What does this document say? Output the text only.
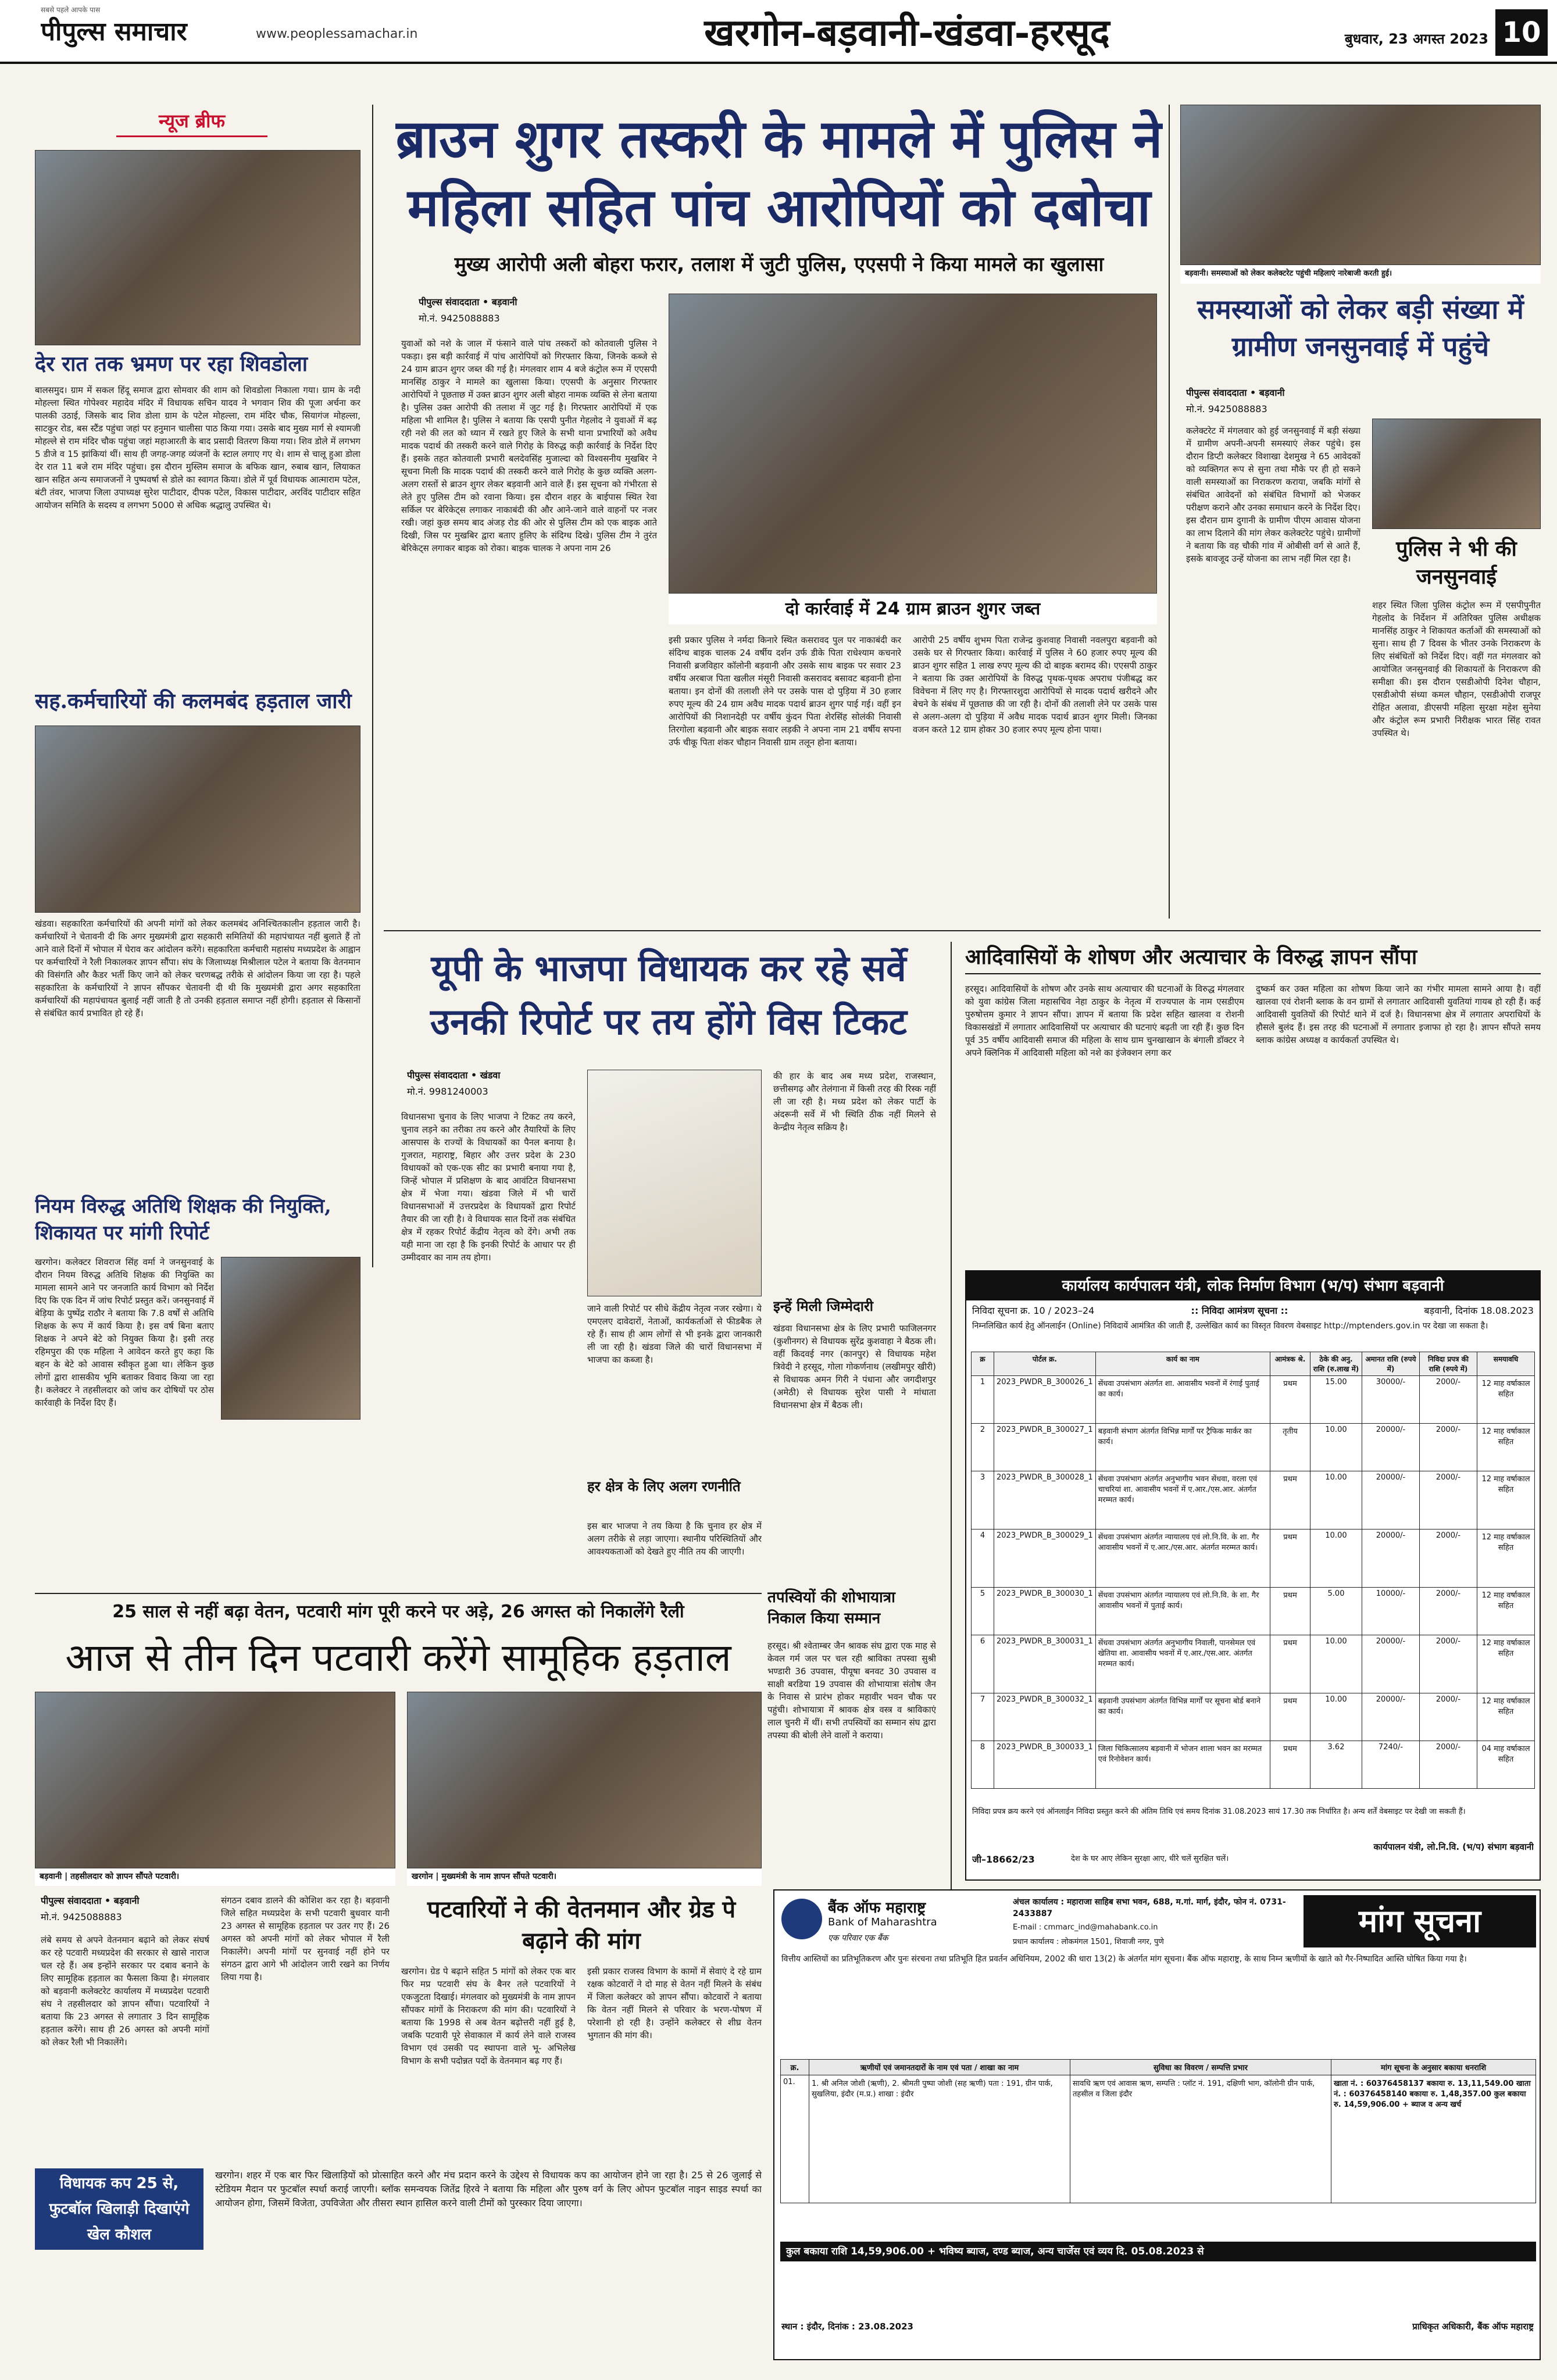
पीपुल्स समाचार
सबसे पहले आपके पास
www.peoplessamachar.in	खरगोन-बड़वानी-खंडवा-हरसूद	बुधवार, 23 अगस्त 2023 10
न्यूज ब्रीफ
देर रात तक भ्रमण पर रहा शिवडोला
बालसमुद। ग्राम में सकल हिंदू समाज द्वारा सोमवार की शाम को शिवडोला निकाला गया। ग्राम के नदी मोहल्ला स्थित गोपेश्वर महादेव मंदिर में विधायक सचिन यादव ने भगवान शिव की पूजा अर्चना कर पालकी उठाई, जिसके बाद शिव डोला ग्राम के पटेल मोहल्ला, राम मंदिर चौक, सियागंज मोहल्ला, साटकुर रोड, बस स्टैंड पहुंचा जहां पर हनुमान चालीसा पाठ किया गया। उसके बाद मुख्य मार्ग से श्यामजी मोहल्ले से राम मंदिर चौक पहुंचा जहां महाआरती के बाद प्रसादी वितरण किया गया। शिव डोले में लगभग 5 डीजे व 15 झांकियां थीं। साथ ही जगह-जगह व्यंजनों के स्टाल लगाए गए थे। शाम से चालू हुआ डोला देर रात 11 बजे राम मंदिर पहुंचा। इस दौरान मुस्लिम समाज के बफिक खान, रुबाब खान, लियाकत खान सहित अन्य समाजजनों ने पुष्पवर्षा से डोले का स्वागत किया। डोले में पूर्व विधायक आत्माराम पटेल, बंटी तंवर, भाजपा जिला उपाध्यक्ष सुरेश पाटीदार, दीपक पटेल, विकास पाटीदार, अरविंद पाटीदार सहित आयोजन समिति के सदस्य व लगभग 5000 से अधिक श्रद्धालु उपस्थित थे।
सह.कर्मचारियों की कलमबंद हड़ताल जारी
खंडवा। सहकारिता कर्मचारियों की अपनी मांगों को लेकर कलमबंद अनिश्चितकालीन हड़ताल जारी है। कर्मचारियों ने चेतावनी दी कि अगर मुख्यमंत्री द्वारा सहकारी समितियों की महापंचायत नहीं बुलाते हैं तो आने वाले दिनों में भोपाल में घेराव कर आंदोलन करेंगे। सहकारिता कर्मचारी महासंघ मध्यप्रदेश के आह्वान पर कर्मचारियों ने रैली निकालकर ज्ञापन सौंपा। संघ के जिलाध्यक्ष मिश्रीलाल पटेल ने बताया कि वेतनमान की विसंगति और कैडर भर्ती किए जाने को लेकर चरणबद्ध तरीके से आंदोलन किया जा रहा है। पहले सहकारिता के कर्मचारियों ने ज्ञापन सौंपकर चेतावनी दी थी कि मुख्यमंत्री द्वारा अगर सहकारिता कर्मचारियों की महापंचायत बुलाई नहीं जाती है तो उनकी हड़ताल समाप्त नहीं होगी। हड़ताल से किसानों से संबंधित कार्य प्रभावित हो रहे हैं।
नियम विरुद्ध अतिथि शिक्षक की नियुक्ति, शिकायत पर मांगी रिपोर्ट
खरगोन। कलेक्टर शिवराज सिंह वर्मा ने जनसुनवाई के दौरान नियम विरुद्ध अतिथि शिक्षक की नियुक्ति का मामला सामने आने पर जनजाति कार्य विभाग को निर्देश दिए कि एक दिन में जांच रिपोर्ट प्रस्तुत करें। जनसुनवाई में बेड़िया के पुष्पेंद्र राठौर ने बताया कि 7.8 वर्षों से अतिथि शिक्षक के रूप में कार्य किया है। इस वर्ष बिना बताए शिक्षक ने अपने बेटे को नियुक्त किया है। इसी तरह रहिमपुरा की एक महिला ने आवेदन करते हुए कहा कि बहन के बेटे को आवास स्वीकृत हुआ था। लेकिन कुछ लोगों द्वारा शासकीय भूमि बताकर विवाद किया जा रहा है। कलेक्टर ने तहसीलदार को जांच कर दोषियों पर ठोस कार्रवाही के निर्देश दिए हैं।
ब्राउन शुगर तस्करी के मामले में पुलिस ने महिला सहित पांच आरोपियों को दबोचा
मुख्य आरोपी अली बोहरा फरार, तलाश में जुटी पुलिस, एएसपी ने किया मामले का खुलासा
पीपुल्स संवाददाता • बड़वानी
मो.नं. 9425088883
युवाओं को नशे के जाल में फंसाने वाले पांच तस्करों को कोतवाली पुलिस ने पकड़ा। इस बड़ी कार्रवाई में पांच आरोपियों को गिरफ्तार किया, जिनके कब्जे से 24 ग्राम ब्राउन शुगर जब्त की गई है। मंगलवार शाम 4 बजे कंट्रोल रूम में एएसपी मानसिंह ठाकुर ने मामले का खुलासा किया। एएसपी के अनुसार गिरफ्तार आरोपियों ने पूछताछ में उक्त ब्राउन शुगर अली बोहरा नामक व्यक्ति से लेना बताया है। पुलिस उक्त आरोपी की तलाश में जुट गई है। गिरफ्तार आरोपियों में एक महिला भी शामिल है। पुलिस ने बताया कि एसपी पुनीत गेहलोद ने युवाओं में बढ़ रही नशे की लत को ध्यान में रखते हुए जिले के सभी थाना प्रभारियों को अवैध मादक पदार्थ की तस्करी करने वाले गिरोह के विरुद्ध कड़ी कार्रवाई के निर्देश दिए हैं। इसके तहत कोतवाली प्रभारी बलदेवसिंह मुजाल्दा को विश्वसनीय मुखबिर ने सूचना मिली कि मादक पदार्थ की तस्करी करने वाले गिरोह के कुछ व्यक्ति अलग-अलग रास्तों से ब्राउन शुगर लेकर बड़वानी आने वाले हैं। इस सूचना को गंभीरता से लेते हुए पुलिस टीम को रवाना किया। इस दौरान शहर के बाईपास स्थित रेवा सर्किल पर बेरिकेट्स लगाकर नाकाबंदी की और आने-जाने वाले वाहनों पर नजर रखी। जहां कुछ समय बाद अंजड़ रोड की ओर से पुलिस टीम को एक बाइक आते दिखी, जिस पर मुखबिर द्वारा बताए हुलिए के संदिग्ध दिखे। पुलिस टीम ने तुरंत बेरिकेट्स लगाकर बाइक को रोका। बाइक चालक ने अपना नाम 26
दो कार्रवाई में 24 ग्राम ब्राउन शुगर जब्त
इसी प्रकार पुलिस ने नर्मदा किनारे स्थित कसरावद पुल पर नाकाबंदी कर संदिग्ध बाइक चालक 24 वर्षीय दर्शन उर्फ डीके पिता राधेश्याम कचनारे निवासी ब्रजविहार कॉलोनी बड़वानी और उसके साथ बाइक पर सवार 23 वर्षीय अरबाज पिता खलील मंसूरी निवासी कसरावद बसावट बड़वानी होना बताया। इन दोनों की तलाशी लेने पर उसके पास दो पुड़िया में 30 हजार रुपए मूल्य की 24 ग्राम अवैध मादक पदार्थ ब्राउन शुगर पाई गई। वहीं इन आरोपियों की निशानदेही पर वर्षीय कुंदन पिता शेरसिंह सोलंकी निवासी तिरगोला बड़वानी और बाइक सवार लड़की ने अपना नाम 21 वर्षीय सपना उर्फ चीकू पिता शंकर चौहान निवासी ग्राम तलून होना बताया।
आरोपी 25 वर्षीय शुभम पिता राजेन्द्र कुशवाह निवासी नवलपुरा बड़वानी को उसके घर से गिरफ्तार किया। कार्रवाई में पुलिस ने 60 हजार रुपए मूल्य की ब्राउन शुगर सहित 1 लाख रुपए मूल्य की दो बाइक बरामद की। एएसपी ठाकुर ने बताया कि उक्त आरोपियों के विरुद्ध पृथक-पृथक अपराध पंजीबद्ध कर विवेचना में लिए गए है। गिरफ्तारशुदा आरोपियों से मादक पदार्थ खरीदने और बेचने के संबंध में पूछताछ की जा रही है। दोनों की तलाशी लेने पर उसके पास से अलग-अलग दो पुड़िया में अवैध मादक पदार्थ ब्राउन शुगर मिली। जिनका वजन करते 12 ग्राम होकर 30 हजार रुपए मूल्य होना पाया।
बड़वानी। समस्याओं को लेकर कलेक्टरेट पहुंची महिलाएं नारेबाजी करती हुई।
समस्याओं को लेकर बड़ी संख्या में ग्रामीण जनसुनवाई में पहुंचे
पीपुल्स संवाददाता • बड़वानी
मो.नं. 9425088883
कलेक्टरेट में मंगलवार को हुई जनसुनवाई में बड़ी संख्या में ग्रामीण अपनी-अपनी समस्याएं लेकर पहुंचे। इस दौरान डिप्टी कलेक्टर विशाखा देशमुख ने 65 आवेदकों को व्यक्तिगत रूप से सुना तथा मौके पर ही हो सकने वाली समस्याओं का निराकरण कराया, जबकि मांगों से संबंधित आवेदनों को संबंधित विभागों को भेजकर परीक्षण कराने और उनका समाधान करने के निर्देश दिए। इस दौरान ग्राम दुगानी के ग्रामीण पीएम आवास योजना का लाभ दिलाने की मांग लेकर कलेक्टरेट पहुंचे। ग्रामीणों ने बताया कि वह चौकी गांव में ओबीसी वर्ग से आते हैं, इसके बावजूद उन्हें योजना का लाभ नहीं मिल रहा है।	पुलिस ने भी की जनसुनवाई
शहर स्थित जिला पुलिस कंट्रोल रूम में एसपीपुनीत गेहलोद के निर्देशन में अतिरिक्त पुलिस अधीक्षक मानसिंह ठाकुर ने शिकायत कर्ताओं की समस्याओं को सुना। साथ ही 7 दिवस के भीतर उनके निराकरण के लिए संबंधितों को निर्देश दिए। वहीं गत मंगलवार को आयोजित जनसुनवाई की शिकायतों के निराकरण की समीक्षा की। इस दौरान एसडीओपी दिनेश चौहान, एसडीओपी संध्या कमल चौहान, एसडीओपी राजपूर रोहित अलावा, डीएसपी महिला सुरक्षा महेश सुनेया और कंट्रोल रूम प्रभारी निरीक्षक भारत सिंह रावत उपस्थित थे।
यूपी के भाजपा विधायक कर रहे सर्वे उनकी रिपोर्ट पर तय होंगे विस टिकट
पीपुल्स संवाददाता • खंडवा
मो.नं. 9981240003
विधानसभा चुनाव के लिए भाजपा ने टिकट तय करने, चुनाव लड़ने का तरीका तय करने और तैयारियों के लिए आसपास के राज्यों के विधायकों का पैनल बनाया है। गुजरात, महाराष्ट्र, बिहार और उत्तर प्रदेश के 230 विधायकों को एक-एक सीट का प्रभारी बनाया गया है, जिन्हें भोपाल में प्रशिक्षण के बाद आवंटित विधानसभा क्षेत्र में भेजा गया। खंडवा जिले में भी चारों विधानसभाओं में उत्तरप्रदेश के विधायकों द्वारा रिपोर्ट तैयार की जा रही है। वे विधायक सात दिनों तक संबंधित क्षेत्र में रहकर रिपोर्ट केंद्रीय नेतृत्व को देंगे। अभी तक यही माना जा रहा है कि इनकी रिपोर्ट के आधार पर ही उम्मीदवार का नाम तय होगा।
जाने वाली रिपोर्ट पर सीधे केंद्रीय नेतृत्व नजर रखेगा। ये एमएलए दावेदारों, नेताओं, कार्यकर्ताओं से फीडबैक ले रहे हैं। साथ ही आम लोगों से भी इनके द्वारा जानकारी ली जा रही है। खंडवा जिले की चारों विधानसभा में भाजपा का कब्जा है।
हर क्षेत्र के लिए अलग रणनीति
इस बार भाजपा ने तय किया है कि चुनाव हर क्षेत्र में अलग तरीके से लड़ा जाएगा। स्थानीय परिस्थितियों और आवश्यकताओं को देखते हुए नीति तय की जाएगी।
की हार के बाद अब मध्य प्रदेश, राजस्थान, छत्तीसगढ़ और तेलंगाना में किसी तरह की रिस्क नहीं ली जा रही है। मध्य प्रदेश को लेकर पार्टी के अंदरूनी सर्वे में भी स्थिति ठीक नहीं मिलने से केन्द्रीय नेतृत्व सक्रिय है।
इन्हें मिली जिम्मेदारी
खंडवा विधानसभा क्षेत्र के लिए प्रभारी फाजिलनगर (कुशीनगर) से विधायक सुरेंद्र कुशवाहा ने बैठक ली। वहीं किदवई नगर (कानपुर) से विधायक महेश त्रिवेदी ने हरसूद, गोला गोकर्णनाथ (लखीमपुर खीरी) से विधायक अमन गिरी ने पंधाना और जगदीशपुर (अमेठी) से विधायक सुरेश पासी ने मांधाता विधानसभा क्षेत्र में बैठक ली।
तपस्वियों की शोभायात्रा निकाल किया सम्मान
हरसूद। श्री श्वेताम्बर जैन श्रावक संघ द्वारा एक माह से केवल गर्म जल पर चल रही श्राविका तपस्वा सुश्री भण्डारी 36 उपवास, पीयूषा बनवट 30 उपवास व साक्षी बरडिया 19 उपवास की शोभायात्रा संतोष जैन के निवास से प्रारंभ होकर महावीर भवन चौक पर पहुंची। शोभायात्रा में श्रावक क्षेत्र वस्त्र व श्राविकाएं लाल चुनरी में थीं। सभी तपस्वियों का सम्मान संघ द्वारा तपस्या की बोली लेने वालों ने कराया।
आदिवासियों के शोषण और अत्याचार के विरुद्ध ज्ञापन सौंपा
हरसूद। आदिवासियों के शोषण और उनके साथ अत्याचार की घटनाओं के विरुद्ध मंगलवार को युवा कांग्रेस जिला महासचिव नेहा ठाकुर के नेतृत्व में राज्यपाल के नाम एसडीएम पुरुषोत्तम कुमार ने ज्ञापन सौंपा। ज्ञापन में बताया कि प्रदेश सहित खालवा व रोशनी विकासखंडों में लगातार आदिवासियों पर अत्याचार की घटनाएं बढ़ती जा रही हैं। कुछ दिन पूर्व 35 वर्षीय आदिवासी समाज की महिला के साथ ग्राम चुनखाखान के बंगाली डॉक्टर ने अपने क्लिनिक में आदिवासी महिला को नशे का इंजेक्शन लगा कर
दुष्कर्म कर उक्त महिला का शोषण किया जाने का गंभीर मामला सामने आया है। वहीं खालवा एवं रोशनी ब्लाक के वन ग्रामों से लगातार आदिवासी युवतियां गायब हो रही हैं। कई आदिवासी युवतियों की रिपोर्ट थाने में दर्ज है। विधानसभा क्षेत्र में लगातार अपराधियों के हौसले बुलंद हैं। इस तरह की घटनाओं में लगातार इजाफा हो रहा है। ज्ञापन सौंपते समय ब्लाक कांग्रेस अध्यक्ष व कार्यकर्ता उपस्थित थे।
कार्यालय कार्यपालन यंत्री, लोक निर्माण विभाग (भ/प) संभाग बड़वानी
निविदा सूचना क्र. 10 / 2023–24	:: निविदा आमंत्रण सूचना ::	बड़वानी, दिनांक 18.08.2023
निम्नलिखित कार्य हेतु ऑनलाईन (Online) निविदायें आमंत्रित की जाती हैं, उल्लेखित कार्य का विस्तृत विवरण वेबसाइट http://mptenders.gov.in पर देखा जा सकता है।
क्र	पोर्टल क्र.	कार्य का नाम	आमंत्रक श्रे.	ठेके की अनु. राशि (रु.लाख में)	अमानत राशि (रुपये में)	निविदा प्रपत्र की राशि (रुपये में)	समयावधि
1	2023_PWDR_B_300026_1	सेंधवा उपसंभाग अंतर्गत शा. आवासीय भवनों में रंगाई पुताई का कार्य।	प्रथम	15.00	30000/-	2000/-	12 माह वर्षाकाल सहित
2	2023_PWDR_B_300027_1	बड़वानी संभाग अंतर्गत विभिन्न मार्गों पर ट्रैफिक मार्कर का कार्य।	तृतीय	10.00	20000/-	2000/-	12 माह वर्षाकाल सहित
3	2023_PWDR_B_300028_1	सेंधवा उपसंभाग अंतर्गत अनुभागीय भवन सेंधवा, वरला एवं चाचरियां शा. आवासीय भवनों में ए.आर./एस.आर. अंतर्गत मरम्मत कार्य।	प्रथम	10.00	20000/-	2000/-	12 माह वर्षाकाल सहित
4	2023_PWDR_B_300029_1	सेंधवा उपसंभाग अंतर्गत न्यायालय एवं लो.नि.वि. के शा. गैर आवासीय भवनों में ए.आर./एस.आर. अंतर्गत मरम्मत कार्य।	प्रथम	10.00	20000/-	2000/-	12 माह वर्षाकाल सहित
5	2023_PWDR_B_300030_1	सेंधवा उपसंभाग अंतर्गत न्यायालय एवं लो.नि.वि. के शा. गैर आवासीय भवनों में पुताई कार्य।	प्रथम	5.00	10000/-	2000/-	12 माह वर्षाकाल सहित
6	2023_PWDR_B_300031_1	सेंधवा उपसंभाग अंतर्गत अनुभागीय निवाली, पानसेमल एवं खेतिया शा. आवासीय भवनों में ए.आर./एस.आर. अंतर्गत मरम्मत कार्य।	प्रथम	10.00	20000/-	2000/-	12 माह वर्षाकाल सहित
7	2023_PWDR_B_300032_1	बड़वानी उपसंभाग अंतर्गत विभिन्न मार्गों पर सूचना बोर्ड बनाने का कार्य।	प्रथम	10.00	20000/-	2000/-	12 माह वर्षाकाल सहित
8	2023_PWDR_B_300033_1	जिला चिकित्सालय बड़वानी में भोजन शाला भवन का मरम्मत एवं रिनोवेशन कार्य।	प्रथम	3.62	7240/-	2000/-	04 माह वर्षाकाल सहित
निविदा प्रपत्र क्रय करने एवं ऑनलाईन निविदा प्रस्तुत करने की अंतिम तिथि एवं समय दिनांक 31.08.2023 सायं 17.30 तक निर्धारित है। अन्य शर्तें वेबसाइट पर देखी जा सकती हैं।
जी–18662/23	देश के घर आए लेकिन सुरक्षा आए, धीरे चलें सुरक्षित चलें।
कार्यपालन यंत्री, लो.नि.वि. (भ/प) संभाग बड़वानी
25 साल से नहीं बढ़ा वेतन, पटवारी मांग पूरी करने पर अड़े, 26 अगस्त को निकालेंगे रैली
आज से तीन दिन पटवारी करेंगे सामूहिक हड़ताल
बड़वानी | तहसीलदार को ज्ञापन सौंपते पटवारी।	खरगोन | मुख्यमंत्री के नाम ज्ञापन सौंपते पटवारी।
पीपुल्स संवाददाता • बड़वानी
मो.नं. 9425088883
लंबे समय से अपने वेतनमान बढ़ाने को लेकर संघर्ष कर रहे पटवारी मध्यप्रदेश की सरकार से खासे नाराज चल रहे हैं। अब इन्होंने सरकार पर दबाव बनाने के लिए सामूहिक हड़ताल का फैसला किया है। मंगलवार को बड़वानी कलेक्टरेट कार्यालय में मध्यप्रदेश पटवारी संघ ने तहसीलदार को ज्ञापन सौंपा। पटवारियों ने बताया कि 23 अगस्त से लगातार 3 दिन सामूहिक हड़ताल करेंगे। साथ ही 26 अगस्त को अपनी मांगों को लेकर रैली भी निकालेंगे।
संगठन दबाव डालने की कोशिश कर रहा है। बड़वानी जिले सहित मध्यप्रदेश के सभी पटवारी बुधवार यानी 23 अगस्त से सामूहिक हड़ताल पर उतर गए हैं। 26 अगस्त को अपनी मांगों को लेकर भोपाल में रैली निकालेंगे। अपनी मांगों पर सुनवाई नहीं होने पर संगठन द्वारा आगे भी आंदोलन जारी रखने का निर्णय लिया गया है।
पटवारियों ने की वेतनमान और ग्रेड पे बढ़ाने की मांग
खरगोन। ग्रेड पे बढ़ाने सहित 5 मांगों को लेकर एक बार फिर मप्र पटवारी संघ के बैनर तले पटवारियों ने एकजुटता दिखाई। मंगलवार को मुख्यमंत्री के नाम ज्ञापन सौंपकर मांगों के निराकरण की मांग की। पटवारियों ने बताया कि 1998 से अब वेतन बढ़ोत्तरी नहीं हुई है, जबकि पटवारी पूरे सेवाकाल में कार्य लेने वाले राजस्व विभाग एवं उसकी पद स्थापना वाले भू- अभिलेख विभाग के सभी पदोन्नत पदों के वेतनमान बढ़ गए हैं।
इसी प्रकार राजस्व विभाग के कामों में सेवाएं दे रहे ग्राम रक्षक कोटवारों ने दो माह से वेतन नहीं मिलने के संबंध में जिला कलेक्टर को ज्ञापन सौंपा। कोटवारों ने बताया कि वेतन नहीं मिलने से परिवार के भरण-पोषण में परेशानी हो रही है। उन्होंने कलेक्टर से शीघ्र वेतन भुगतान की मांग की।
विधायक कप 25 से, फुटबॉल खिलाड़ी दिखाएंगे खेल कौशल
खरगोन। शहर में एक बार फिर खिलाड़ियों को प्रोत्साहित करने और मंच प्रदान करने के उद्देश्य से विधायक कप का आयोजन होने जा रहा है। 25 से 26 जुलाई से स्टेडियम मैदान पर फुटबॉल स्पर्धा कराई जाएगी। ब्लॉक समन्वयक जितेंद्र हिरवे ने बताया कि महिला और पुरुष वर्ग के लिए ओपन फुटबॉल नाइन साइड स्पर्धा का आयोजन होगा, जिसमें विजेता, उपविजेता और तीसरा स्थान हासिल करने वाली टीमों को पुरस्कार दिया जाएगा।
बैंक ऑफ महाराष्ट्र
Bank of Maharashtra
एक परिवार एक बैंक
अंचल कार्यालय : महाराजा साहिब सभा भवन, 688, म.गां. मार्ग, इंदौर, फोन नं. 0731-2433887
E-mail : cmmarc_ind@mahabank.co.in
प्रधान कार्यालय : लोकमंगल 1501, शिवाजी नगर, पुणे
मांग सूचना
वित्तीय आस्तियों का प्रतिभूतिकरण और पुनः संरचना तथा प्रतिभूति हित प्रवर्तन अधिनियम, 2002 की धारा 13(2) के अंतर्गत मांग सूचना। बैंक ऑफ महाराष्ट्र, के साथ निम्न ऋणीयों के खाते को गैर-निष्पादित आस्ति घोषित किया गया है।
क्र.	ऋणीयों एवं जमानतदारों के नाम एवं पता / शाखा का नाम	सुविधा का विवरण / सम्पत्ति प्रभार	मांग सूचना के अनुसार बकाया धनराशि
01.	1. श्री अनिल जोशी (ऋणी), 2. श्रीमती पुष्पा जोशी (सह ऋणी) पता : 191, ग्रीन पार्क, सुखलिया, इंदौर (म.प्र.) शाखा : इंदौर	सावधि ऋण एवं आवास ऋण, सम्पत्ति : प्लॉट नं. 191, दक्षिणी भाग, कॉलोनी ग्रीन पार्क, तहसील व जिला इंदौर	खाता नं. : 60376458137 बकाया रु. 13,11,549.00 खाता नं. : 60376458140 बकाया रु. 1,48,357.00 कुल बकाया रु. 14,59,906.00 + ब्याज व अन्य खर्च
कुल बकाया राशि 14,59,906.00 + भविष्य ब्याज, दण्ड ब्याज, अन्य चार्जेस एवं व्यय दि. 05.08.2023 से
स्थान : इंदौर, दिनांक : 23.08.2023	प्राधिकृत अधिकारी, बैंक ऑफ महाराष्ट्र
